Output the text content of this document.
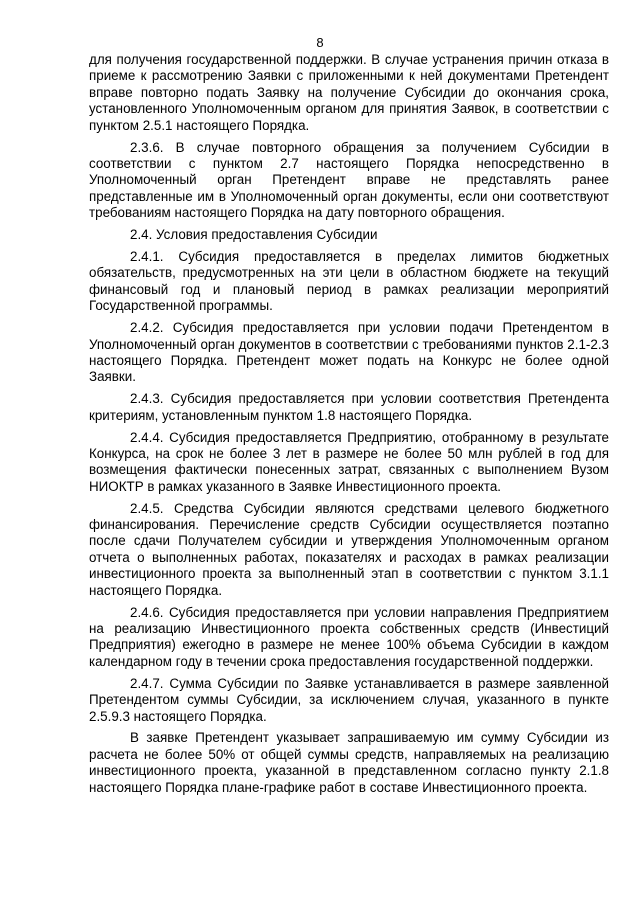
8

для получения государственной поддержки. В случае устранения причин отказа в приеме к рассмотрению Заявки с приложенными к ней документами Претендент вправе повторно подать Заявку на получение Субсидии до окончания срока, установленного Уполномоченным органом для принятия Заявок, в соответствии с пунктом 2.5.1 настоящего Порядка.

2.3.6. В случае повторного обращения за получением Субсидии в соответствии с пунктом 2.7 настоящего Порядка непосредственно в Уполномоченный орган Претендент вправе не представлять ранее представленные им в Уполномоченный орган документы, если они соответствуют требованиям настоящего Порядка на дату повторного обращения.

2.4. Условия предоставления Субсидии

2.4.1. Субсидия предоставляется в пределах лимитов бюджетных обязательств, предусмотренных на эти цели в областном бюджете на текущий финансовый год и плановый период в рамках реализации мероприятий Государственной программы.

2.4.2. Субсидия предоставляется при условии подачи Претендентом в Уполномоченный орган документов в соответствии с требованиями пунктов 2.1-2.3 настоящего Порядка. Претендент может подать на Конкурс не более одной Заявки.

2.4.3. Субсидия предоставляется при условии соответствия Претендента критериям, установленным пунктом 1.8 настоящего Порядка.

2.4.4. Субсидия предоставляется Предприятию, отобранному в результате Конкурса, на срок не более 3 лет в размере не более 50 млн рублей в год для возмещения фактически понесенных затрат, связанных с выполнением Вузом НИОКТР в рамках указанного в Заявке Инвестиционного проекта.

2.4.5. Средства Субсидии являются средствами целевого бюджетного финансирования. Перечисление средств Субсидии осуществляется поэтапно после сдачи Получателем субсидии и утверждения Уполномоченным органом отчета о выполненных работах, показателях и расходах в рамках реализации инвестиционного проекта за выполненный этап в соответствии с пунктом 3.1.1 настоящего Порядка.

2.4.6. Субсидия предоставляется при условии направления Предприятием на реализацию Инвестиционного проекта собственных средств (Инвестиций Предприятия) ежегодно в размере не менее 100% объема Субсидии в каждом календарном году в течении срока предоставления государственной поддержки.

2.4.7. Сумма Субсидии по Заявке устанавливается в размере заявленной Претендентом суммы Субсидии, за исключением случая, указанного в пункте 2.5.9.3 настоящего Порядка.

В заявке Претендент указывает запрашиваемую им сумму Субсидии из расчета не более 50% от общей суммы средств, направляемых на реализацию инвестиционного проекта, указанной в представленном согласно пункту 2.1.8 настоящего Порядка плане-графике работ в составе Инвестиционного проекта.
